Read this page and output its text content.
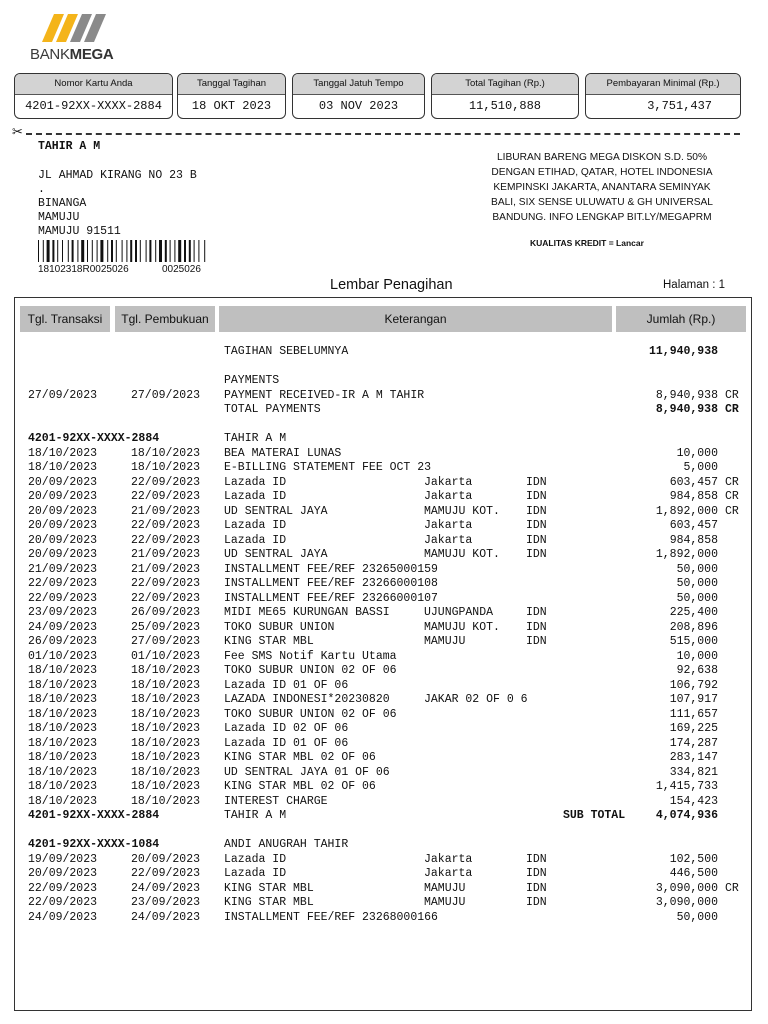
BANKMEGA
Nomor Kartu Anda
4201-92XX-XXXX-2884
Tanggal Tagihan
18 OKT 2023
Tanggal Jatuh Tempo
03 NOV 2023
Total Tagihan (Rp.)
11,510,888
Pembayaran Minimal (Rp.)
3,751,437
✂
TAHIR A M
JL AHMAD KIRANG NO 23 B
.
BINANGA
MAMUJU
MAMUJU 91511
18102318R0025026	0025026
LIBURAN BARENG MEGA DISKON S.D. 50%
DENGAN ETIHAD, QATAR, HOTEL INDONESIA
KEMPINSKI JAKARTA, ANANTARA SEMINYAK
BALI, SIX SENSE ULUWATU & GH UNIVERSAL
BANDUNG. INFO LENGKAP BIT.LY/MEGAPRM
KUALITAS KREDIT = Lancar
Lembar Penagihan	Halaman : 1
Tgl. Transaksi	Tgl. Pembukuan	Keterangan	Jumlah (Rp.)
TAGIHAN SEBELUMNYA	11,940,938
PAYMENTS
27/09/2023	27/09/2023 PAYMENT RECEIVED-IR A M TAHIR	8,940,938 CR
TOTAL PAYMENTS	8,940,938 CR
4201-92XX-XXXX-2884	TAHIR A M
18/10/2023	18/10/2023 BEA MATERAI LUNAS	10,000
18/10/2023	18/10/2023 E-BILLING STATEMENT FEE OCT 23	5,000
20/09/2023	22/09/2023 Lazada ID	Jakarta	IDN	603,457 CR
20/09/2023	22/09/2023 Lazada ID	Jakarta	IDN	984,858 CR
20/09/2023	21/09/2023 UD SENTRAL JAYA	MAMUJU KOT. IDN	1,892,000 CR
20/09/2023	22/09/2023 Lazada ID	Jakarta	IDN	603,457
20/09/2023	22/09/2023 Lazada ID	Jakarta	IDN	984,858
20/09/2023	21/09/2023 UD SENTRAL JAYA	MAMUJU KOT. IDN	1,892,000
21/09/2023	21/09/2023 INSTALLMENT FEE/REF 23265000159	50,000
22/09/2023	22/09/2023 INSTALLMENT FEE/REF 23266000108	50,000
22/09/2023	22/09/2023 INSTALLMENT FEE/REF 23266000107	50,000
23/09/2023	26/09/2023 MIDI ME65 KURUNGAN BASSI	UJUNGPANDA	IDN	225,400
24/09/2023	25/09/2023 TOKO SUBUR UNION	MAMUJU KOT. IDN	208,896
26/09/2023	27/09/2023 KING STAR MBL	MAMUJU	IDN	515,000
01/10/2023	01/10/2023 Fee SMS Notif Kartu Utama	10,000
18/10/2023	18/10/2023 TOKO SUBUR UNION 02 OF 06	92,638
18/10/2023	18/10/2023 Lazada ID 01 OF 06	106,792
18/10/2023	18/10/2023 LAZADA INDONESI*20230820	JAKAR 02 OF 0 6	107,917
18/10/2023	18/10/2023 TOKO SUBUR UNION 02 OF 06	111,657
18/10/2023	18/10/2023 Lazada ID 02 OF 06	169,225
18/10/2023	18/10/2023 Lazada ID 01 OF 06	174,287
18/10/2023	18/10/2023 KING STAR MBL 02 OF 06	283,147
18/10/2023	18/10/2023 UD SENTRAL JAYA 01 OF 06	334,821
18/10/2023	18/10/2023 KING STAR MBL 02 OF 06	1,415,733
18/10/2023	18/10/2023 INTEREST CHARGE	154,423
4201-92XX-XXXX-2884	TAHIR A M	SUB TOTAL	4,074,936
4201-92XX-XXXX-1084	ANDI ANUGRAH TAHIR
19/09/2023	20/09/2023 Lazada ID	Jakarta	IDN	102,500
20/09/2023	22/09/2023 Lazada ID	Jakarta	IDN	446,500
22/09/2023	24/09/2023 KING STAR MBL	MAMUJU	IDN	3,090,000 CR
22/09/2023	23/09/2023 KING STAR MBL	MAMUJU	IDN	3,090,000
24/09/2023	24/09/2023 INSTALLMENT FEE/REF 23268000166	50,000
